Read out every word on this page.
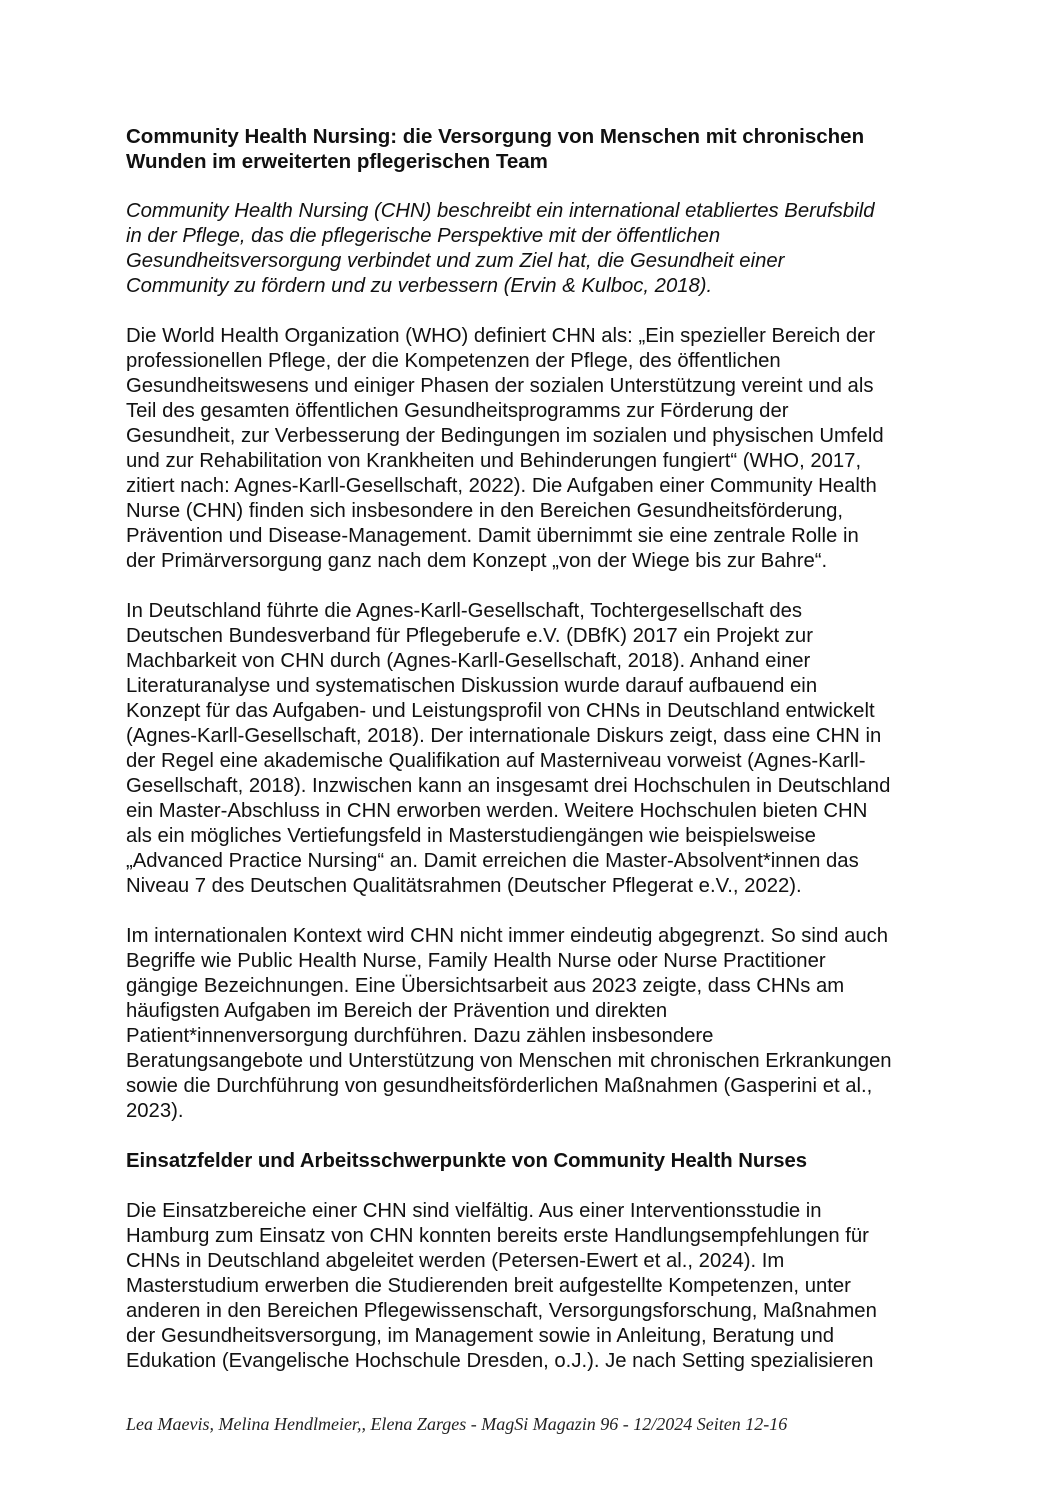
Community Health Nursing: die Versorgung von Menschen mit chronischen
Wunden im erweiterten pflegerischen Team

Community Health Nursing (CHN) beschreibt ein international etabliertes Berufsbild
in der Pflege, das die pflegerische Perspektive mit der öffentlichen
Gesundheitsversorgung verbindet und zum Ziel hat, die Gesundheit einer
Community zu fördern und zu verbessern (Ervin & Kulboc, 2018).

Die World Health Organization (WHO) definiert CHN als: „Ein spezieller Bereich der
professionellen Pflege, der die Kompetenzen der Pflege, des öffentlichen
Gesundheitswesens und einiger Phasen der sozialen Unterstützung vereint und als
Teil des gesamten öffentlichen Gesundheitsprogramms zur Förderung der
Gesundheit, zur Verbesserung der Bedingungen im sozialen und physischen Umfeld
und zur Rehabilitation von Krankheiten und Behinderungen fungiert“ (WHO, 2017,
zitiert nach: Agnes-Karll-Gesellschaft, 2022). Die Aufgaben einer Community Health
Nurse (CHN) finden sich insbesondere in den Bereichen Gesundheitsförderung,
Prävention und Disease-Management. Damit übernimmt sie eine zentrale Rolle in
der Primärversorgung ganz nach dem Konzept „von der Wiege bis zur Bahre“.

In Deutschland führte die Agnes-Karll-Gesellschaft, Tochtergesellschaft des
Deutschen Bundesverband für Pflegeberufe e.V. (DBfK) 2017 ein Projekt zur
Machbarkeit von CHN durch (Agnes-Karll-Gesellschaft, 2018). Anhand einer
Literaturanalyse und systematischen Diskussion wurde darauf aufbauend ein
Konzept für das Aufgaben- und Leistungsprofil von CHNs in Deutschland entwickelt
(Agnes-Karll-Gesellschaft, 2018). Der internationale Diskurs zeigt, dass eine CHN in
der Regel eine akademische Qualifikation auf Masterniveau vorweist (Agnes-Karll-
Gesellschaft, 2018). Inzwischen kann an insgesamt drei Hochschulen in Deutschland
ein Master-Abschluss in CHN erworben werden. Weitere Hochschulen bieten CHN
als ein mögliches Vertiefungsfeld in Masterstudiengängen wie beispielsweise
„Advanced Practice Nursing“ an. Damit erreichen die Master-Absolvent*innen das
Niveau 7 des Deutschen Qualitätsrahmen (Deutscher Pflegerat e.V., 2022).

Im internationalen Kontext wird CHN nicht immer eindeutig abgegrenzt. So sind auch
Begriffe wie Public Health Nurse, Family Health Nurse oder Nurse Practitioner
gängige Bezeichnungen. Eine Übersichtsarbeit aus 2023 zeigte, dass CHNs am
häufigsten Aufgaben im Bereich der Prävention und direkten
Patient*innenversorgung durchführen. Dazu zählen insbesondere
Beratungsangebote und Unterstützung von Menschen mit chronischen Erkrankungen
sowie die Durchführung von gesundheitsförderlichen Maßnahmen (Gasperini et al.,
2023).

Einsatzfelder und Arbeitsschwerpunkte von Community Health Nurses

Die Einsatzbereiche einer CHN sind vielfältig. Aus einer Interventionsstudie in
Hamburg zum Einsatz von CHN konnten bereits erste Handlungsempfehlungen für
CHNs in Deutschland abgeleitet werden (Petersen-Ewert et al., 2024). Im
Masterstudium erwerben die Studierenden breit aufgestellte Kompetenzen, unter
anderen in den Bereichen Pflegewissenschaft, Versorgungsforschung, Maßnahmen
der Gesundheitsversorgung, im Management sowie in Anleitung, Beratung und
Edukation (Evangelische Hochschule Dresden, o.J.). Je nach Setting spezialisieren

Lea Maevis, Melina Hendlmeier,, Elena Zarges - MagSi Magazin 96 - 12/2024 Seiten 12-16
